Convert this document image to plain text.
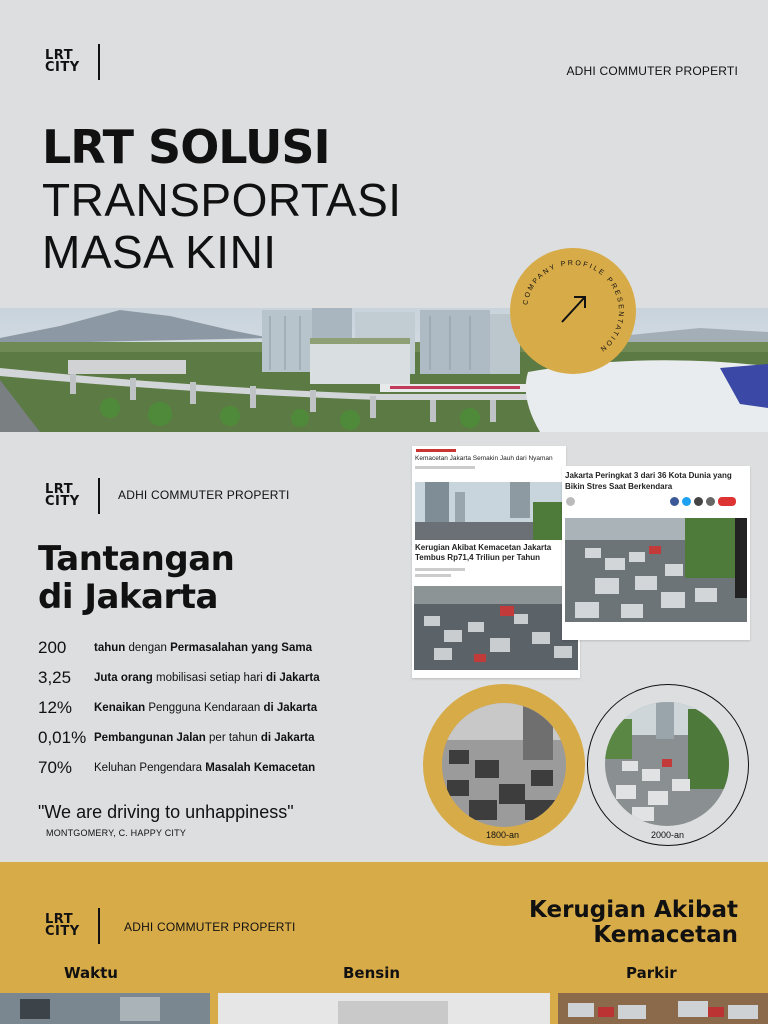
LRT
CITY	ADHI COMMUTER PROPERTI
LRT SOLUSI
TRANSPORTASI
MASA KINI
COMPANY PROFILE PRESENTATION
LRT
CITY	ADHI COMMUTER PROPERTI
Tantangan
di Jakarta
200	tahun dengan Permasalahan yang Sama
3,25	Juta orang mobilisasi setiap hari di Jakarta
12%	Kenaikan Pengguna Kendaraan di Jakarta
0,01% Pembangunan Jalan per tahun di Jakarta
70%	Keluhan Pengendara Masalah Kemacetan
"We are driving to unhappiness"
MONTGOMERY, C. HAPPY CITY
Kemacetan Jakarta Semakin Jauh dari Nyaman
Kerugian Akibat Kemacetan Jakarta Tembus Rp71,4 Triliun per Tahun
Jakarta Peringkat 3 dari 36 Kota Dunia yang Bikin Stres Saat Berkendara
1800-an	2000-an
LRT
CITY	ADHI COMMUTER PROPERTI
Kerugian Akibat
Kemacetan
Waktu	Bensin	Parkir
